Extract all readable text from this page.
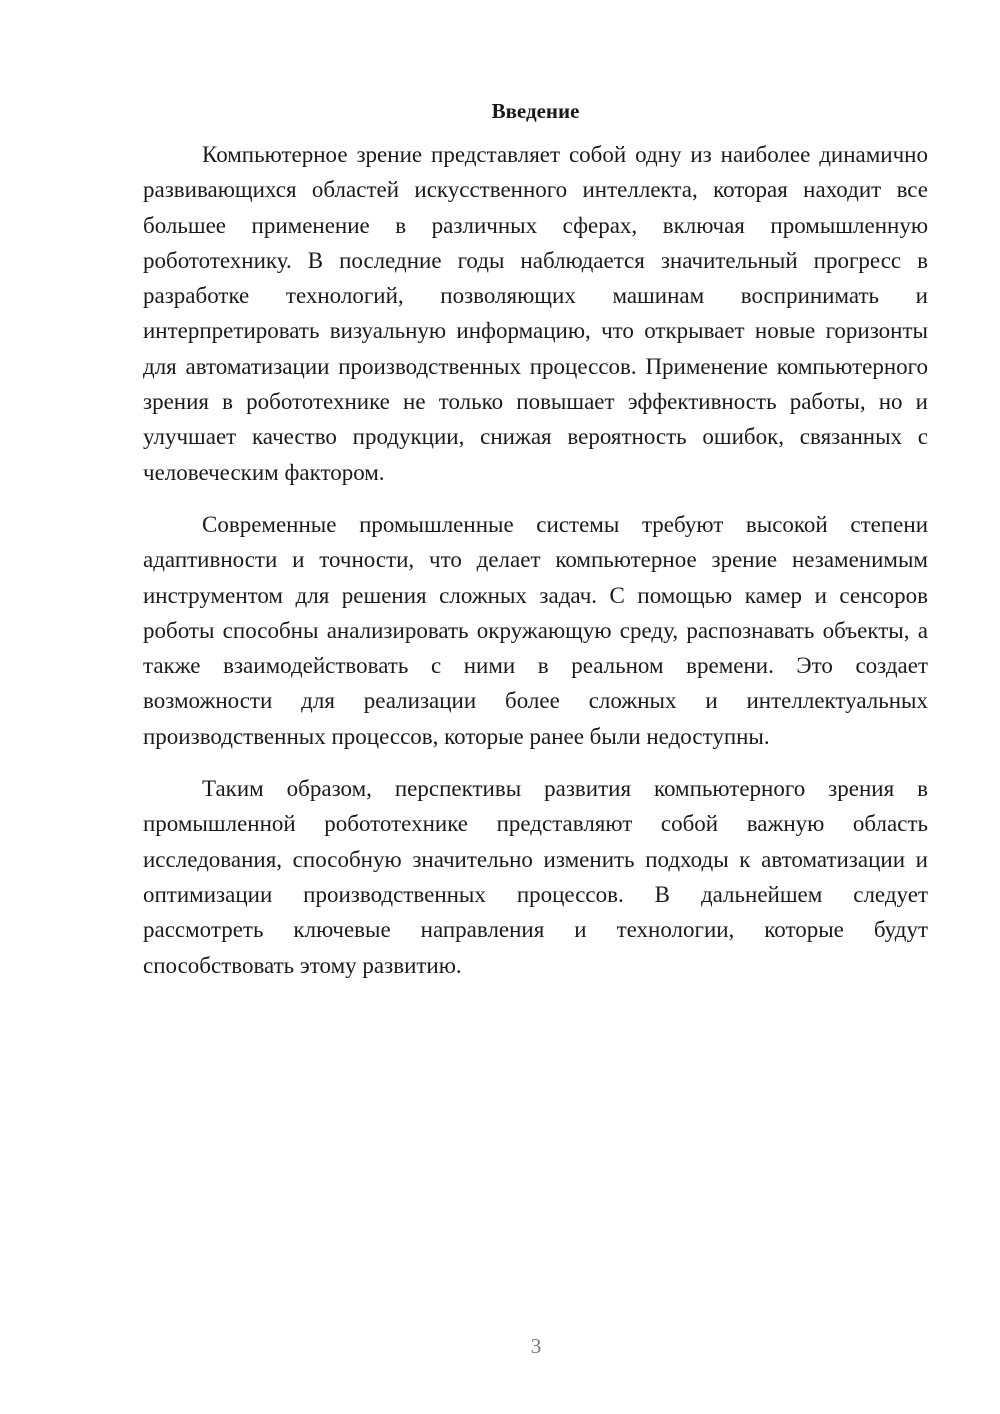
Введение

Компьютерное зрение представляет собой одну из наиболее динамично развивающихся областей искусственного интеллекта, которая находит все большее применение в различных сферах, включая промышленную робототехнику. В последние годы наблюдается значительный прогресс в разработке технологий, позволяющих машинам воспринимать и интерпретировать визуальную информацию, что открывает новые горизонты для автоматизации производственных процессов. Применение компьютерного зрения в робототехнике не только повышает эффективность работы, но и улучшает качество продукции, снижая вероятность ошибок, связанных с человеческим фактором.

Современные промышленные системы требуют высокой степени адаптивности и точности, что делает компьютерное зрение незаменимым инструментом для решения сложных задач. С помощью камер и сенсоров роботы способны анализировать окружающую среду, распознавать объекты, а также взаимодействовать с ними в реальном времени. Это создает возможности для реализации более сложных и интеллектуальных производственных процессов, которые ранее были недоступны.

Таким образом, перспективы развития компьютерного зрения в промышленной робототехнике представляют собой важную область исследования, способную значительно изменить подходы к автоматизации и оптимизации производственных процессов. В дальнейшем следует рассмотреть ключевые направления и технологии, которые будут способствовать этому развитию.

3
